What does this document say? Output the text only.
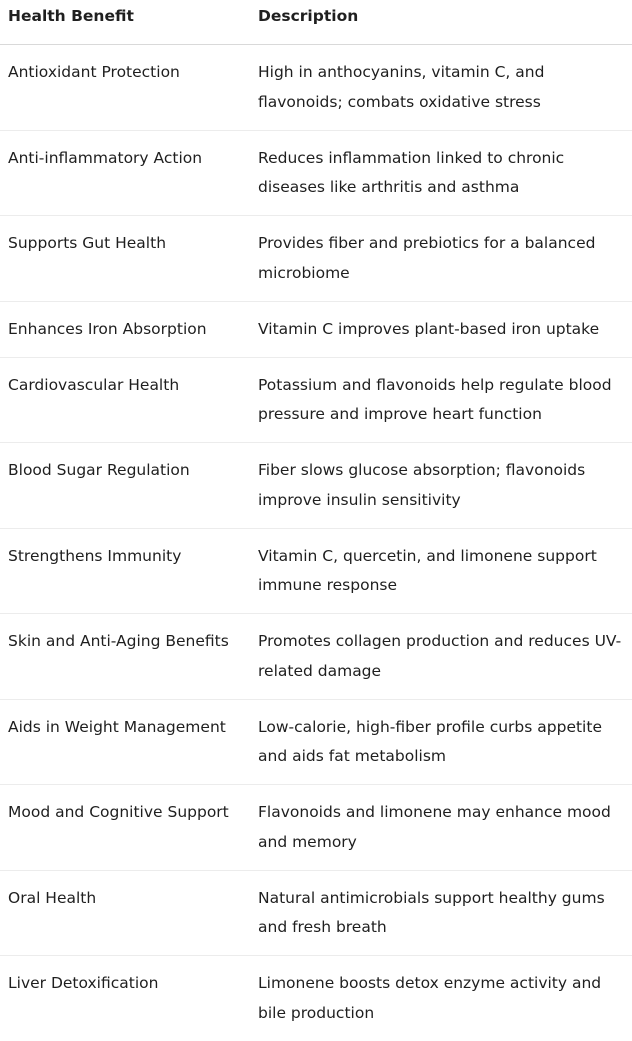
Health Benefit	Description
Antioxidant Protection	High in anthocyanins, vitamin C, and flavonoids; combats oxidative stress
Anti-inflammatory Action	Reduces inflammation linked to chronic diseases like arthritis and asthma
Supports Gut Health	Provides fiber and prebiotics for a balanced microbiome
Enhances Iron Absorption	Vitamin C improves plant-based iron uptake
Cardiovascular Health	Potassium and flavonoids help regulate blood pressure and improve heart function
Blood Sugar Regulation	Fiber slows glucose absorption; flavonoids improve insulin sensitivity
Strengthens Immunity	Vitamin C, quercetin, and limonene support immune response
Skin and Anti-Aging Benefits	Promotes collagen production and reduces UV-related damage
Aids in Weight Management	Low-calorie, high-fiber profile curbs appetite and aids fat metabolism
Mood and Cognitive Support	Flavonoids and limonene may enhance mood and memory
Oral Health	Natural antimicrobials support healthy gums and fresh breath
Liver Detoxification	Limonene boosts detox enzyme activity and bile production
